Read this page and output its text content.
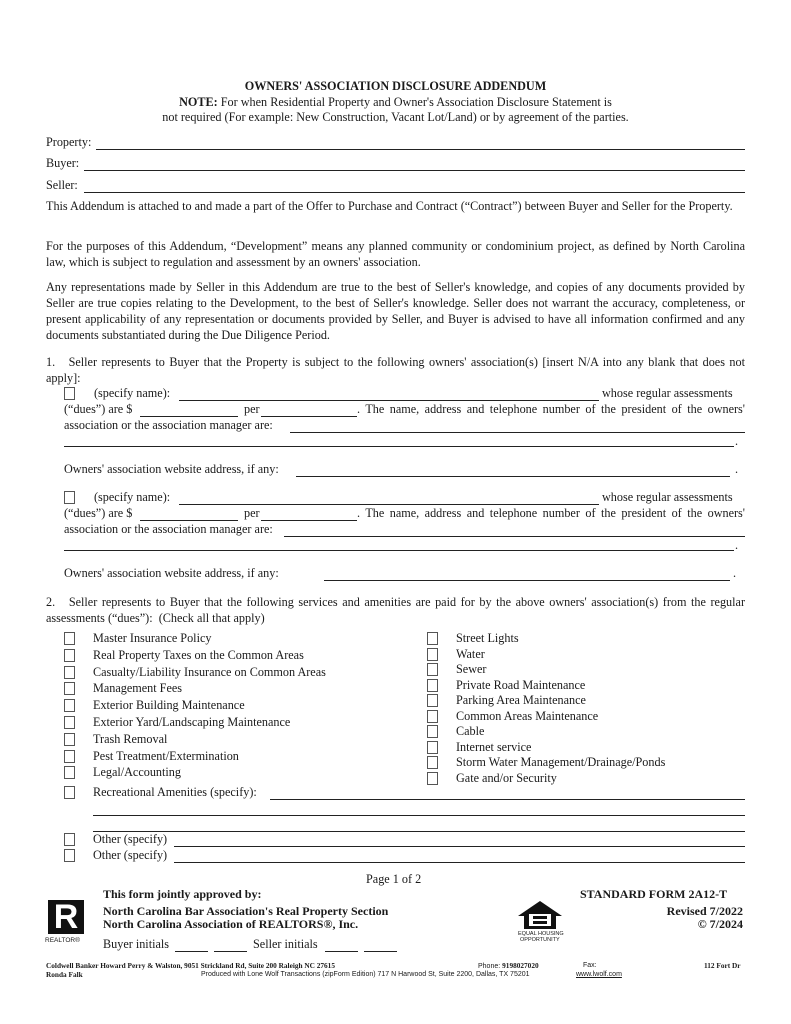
OWNERS' ASSOCIATION DISCLOSURE ADDENDUM
NOTE: For when Residential Property and Owner's Association Disclosure Statement is
not required (For example: New Construction, Vacant Lot/Land) or by agreement of the parties.
Property:
Buyer:
Seller:
This Addendum is attached to and made a part of the Offer to Purchase and Contract (“Contract”) between Buyer and Seller for the Property.
For the purposes of this Addendum, “Development” means any planned community or condominium project, as defined by North Carolina law, which is subject to regulation and assessment by an owners' association.
Any representations made by Seller in this Addendum are true to the best of Seller's knowledge, and copies of any documents provided by Seller are true copies relating to the Development, to the best of Seller's knowledge. Seller does not warrant the accuracy, completeness, or present applicability of any representation or documents provided by Seller, and Buyer is advised to have all information confirmed and any documents substantiated during the Due Diligence Period.
1.   Seller represents to Buyer that the Property is subject to the following owners' association(s) [insert N/A into any blank that does not apply]:
(specify name):	whose regular assessments
(“dues”) are $	per	. The name, address and telephone number of the president of the owners'
association or the association manager are:
.
Owners' association website address, if any:	.
(specify name):	whose regular assessments
(“dues”) are $	per	. The name, address and telephone number of the president of the owners'
association or the association manager are:
.
Owners' association website address, if any:	.
2.   Seller represents to Buyer that the following services and amenities are paid for by the above owners' association(s) from the regular assessments (“dues”):  (Check all that apply)
Master Insurance Policy
Real Property Taxes on the Common Areas
Casualty/Liability Insurance on Common Areas
Management Fees
Exterior Building Maintenance
Exterior Yard/Landscaping Maintenance
Trash Removal
Pest Treatment/Extermination
Legal/Accounting
Street Lights
Water
Sewer
Private Road Maintenance
Parking Area Maintenance
Common Areas Maintenance
Cable
Internet service
Storm Water Management/Drainage/Ponds
Gate and/or Security
Recreational Amenities (specify):
Other (specify)
Other (specify)
Page 1 of 2
R
REALTOR®
This form jointly approved by:
North Carolina Bar Association's Real Property Section
North Carolina Association of REALTORS®, Inc.
Buyer initials	Seller initials
EQUAL HOUSING
OPPORTUNITY
STANDARD FORM 2A12-T
Revised 7/2022
© 7/2024
Coldwell Banker Howard Perry & Walston, 9051 Strickland Rd, Suite 200 Raleigh NC 27615	Phone: 9198027020	Fax:	112 Fort Dr
Ronda Falk	Produced with Lone Wolf Transactions (zipForm Edition) 717 N Harwood St, Suite 2200, Dallas, TX 75201	www.lwolf.com
